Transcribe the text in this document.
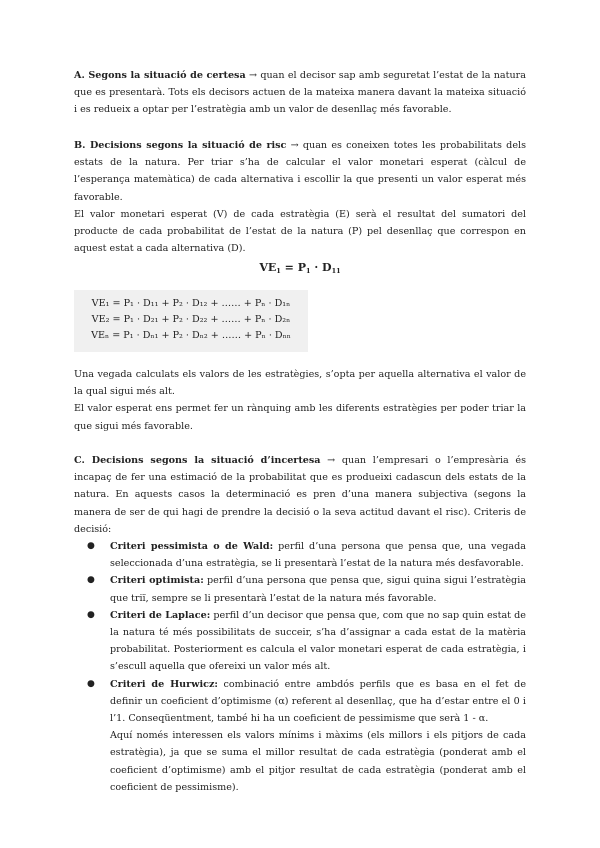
A. Segons la situació de certesa → quan el decisor sap amb seguretat l’estat de la natura que es presentarà. Tots els decisors actuen de la mateixa manera davant la mateixa situació i es redueix a optar per l’estratègia amb un valor de desenllaç més favorable.

B. Decisions segons la situació de risc → quan es coneixen totes les probabilitats dels estats de la natura. Per triar s’ha de calcular el valor monetari esperat (càlcul de l’esperança matemàtica) de cada alternativa i escollir la que presenti un valor esperat més favorable.

El valor monetari esperat (V) de cada estratègia (E) serà el resultat del sumatori del producte de cada probabilitat de l’estat de la natura (P) pel desenllaç que correspon en aquest estat a cada alternativa (D).

$VE_1 = P_1 \cdot D_{11}$
VE₁ = P₁ · D₁₁ + P₂ · D₁₂ + …… + Pₙ · D₁ₙ
VE₂ = P₁ · D₂₁ + P₂ · D₂₂ + …… + Pₙ · D₂ₙ
VEₙ = P₁ · Dₙ₁ + P₂ · Dₙ₂ + …… + Pₙ · Dₙₙ

Una vegada calculats els valors de les estratègies, s’opta per aquella alternativa el valor de la qual sigui més alt.

El valor esperat ens permet fer un rànquing amb les diferents estratègies per poder triar la que sigui més favorable.

C. Decisions segons la situació d’incertesa → quan l’empresari o l’empresària és incapaç de fer una estimació de la probabilitat que es produeixi cadascun dels estats de la natura. En aquests casos la determinació es pren d’una manera subjectiva (segons la manera de ser de qui hagi de prendre la decisió o la seva actitud davant el risc). Criteris de decisió:

● Criteri pessimista o de Wald: perfil d’una persona que pensa que, una vegada seleccionada d’una estratègia, se li presentarà l’estat de la natura més desfavorable.
● Criteri optimista: perfil d’una persona que pensa que, sigui quina sigui l’estratègia que triï, sempre se li presentarà l’estat de la natura més favorable.
● Criteri de Laplace: perfil d’un decisor que pensa que, com que no sap quin estat de la natura té més possibilitats de succeir, s’ha d’assignar a cada estat de la matèria probabilitat. Posteriorment es calcula el valor monetari esperat de cada estratègia, i s’escull aquella que ofereixi un valor més alt.
● Criteri de Hurwicz: combinació entre ambdós perfils que es basa en el fet de definir un coeficient d’optimisme (α) referent al desenllaç, que ha d’estar entre el 0 i l’1. Conseqüentment, també hi ha un coeficient de pessimisme que serà 1 - α.
Aquí només interessen els valors mínims i màxims (els millors i els pitjors de cada estratègia), ja que se suma el millor resultat de cada estratègia (ponderat amb el coeficient d’optimisme) amb el pitjor resultat de cada estratègia (ponderat amb el coeficient de pessimisme).
